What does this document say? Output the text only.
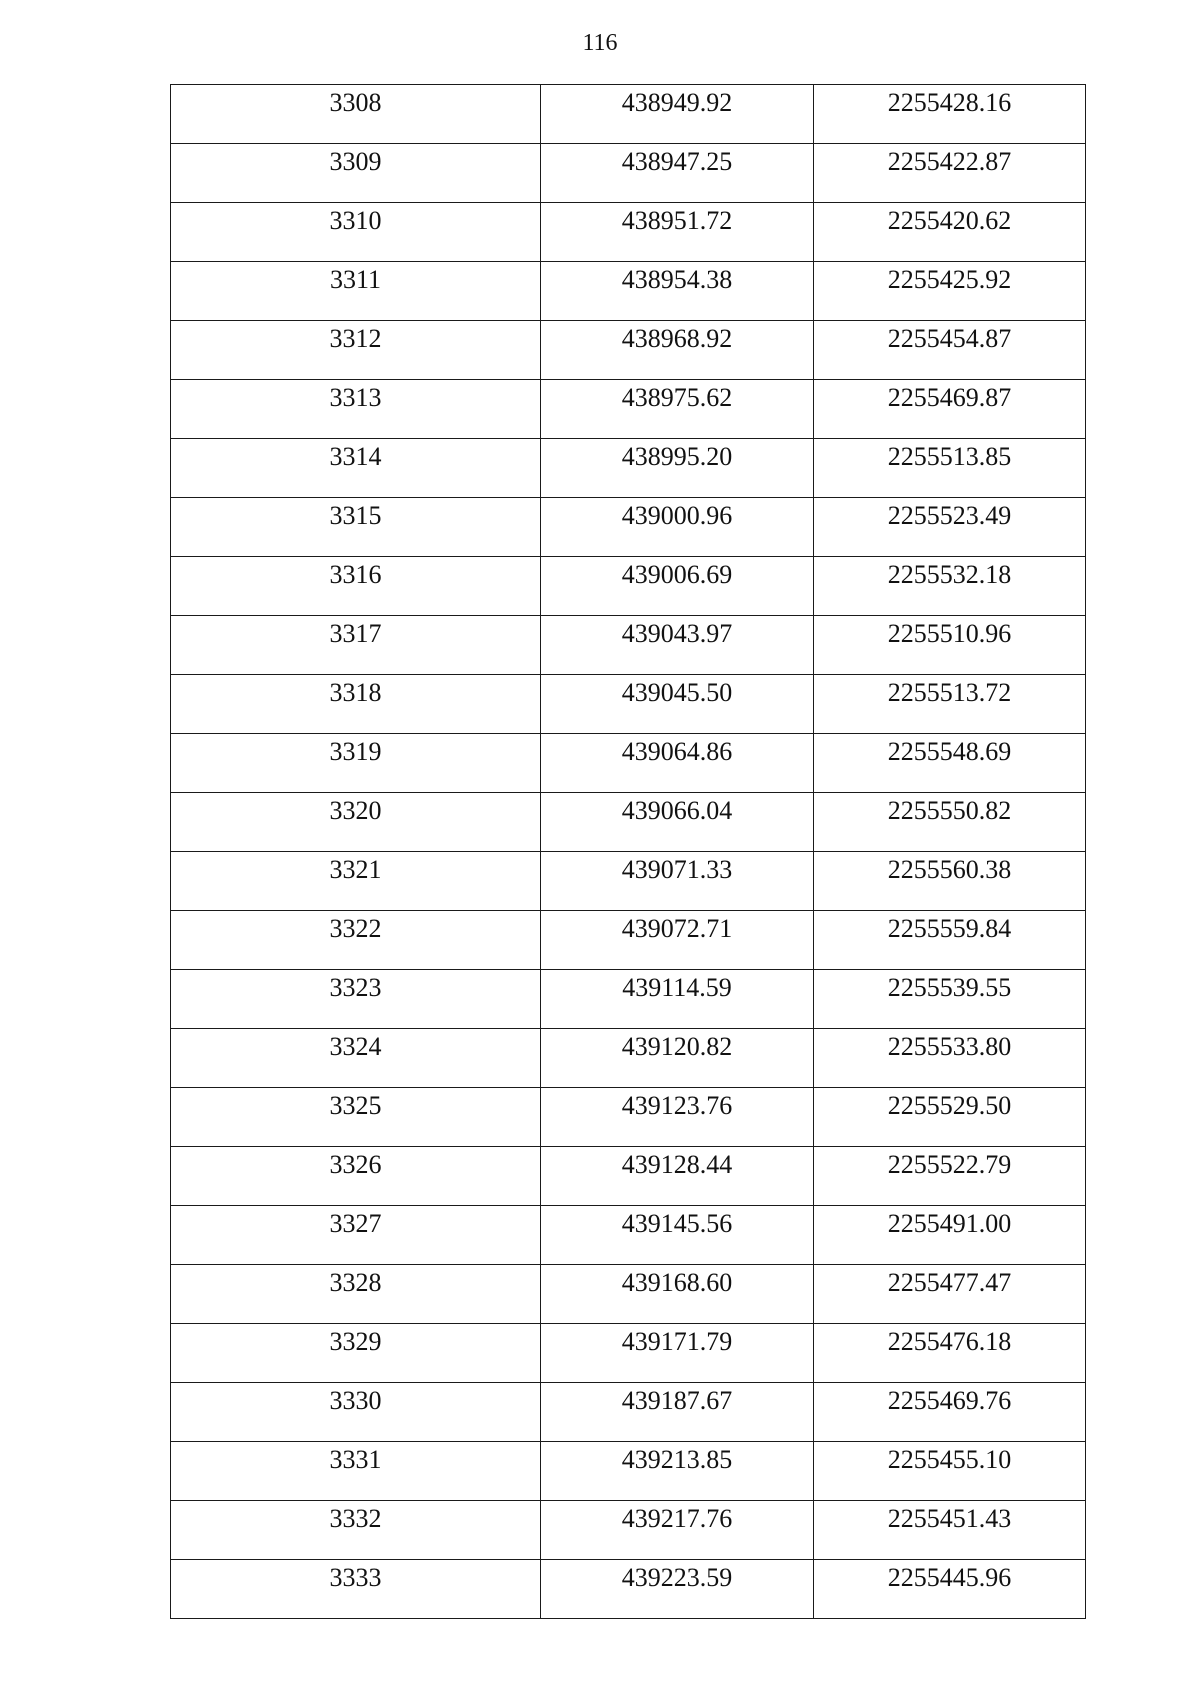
116
3308	438949.92	2255428.16
3309	438947.25	2255422.87
3310	438951.72	2255420.62
3311	438954.38	2255425.92
3312	438968.92	2255454.87
3313	438975.62	2255469.87
3314	438995.20	2255513.85
3315	439000.96	2255523.49
3316	439006.69	2255532.18
3317	439043.97	2255510.96
3318	439045.50	2255513.72
3319	439064.86	2255548.69
3320	439066.04	2255550.82
3321	439071.33	2255560.38
3322	439072.71	2255559.84
3323	439114.59	2255539.55
3324	439120.82	2255533.80
3325	439123.76	2255529.50
3326	439128.44	2255522.79
3327	439145.56	2255491.00
3328	439168.60	2255477.47
3329	439171.79	2255476.18
3330	439187.67	2255469.76
3331	439213.85	2255455.10
3332	439217.76	2255451.43
3333	439223.59	2255445.96
